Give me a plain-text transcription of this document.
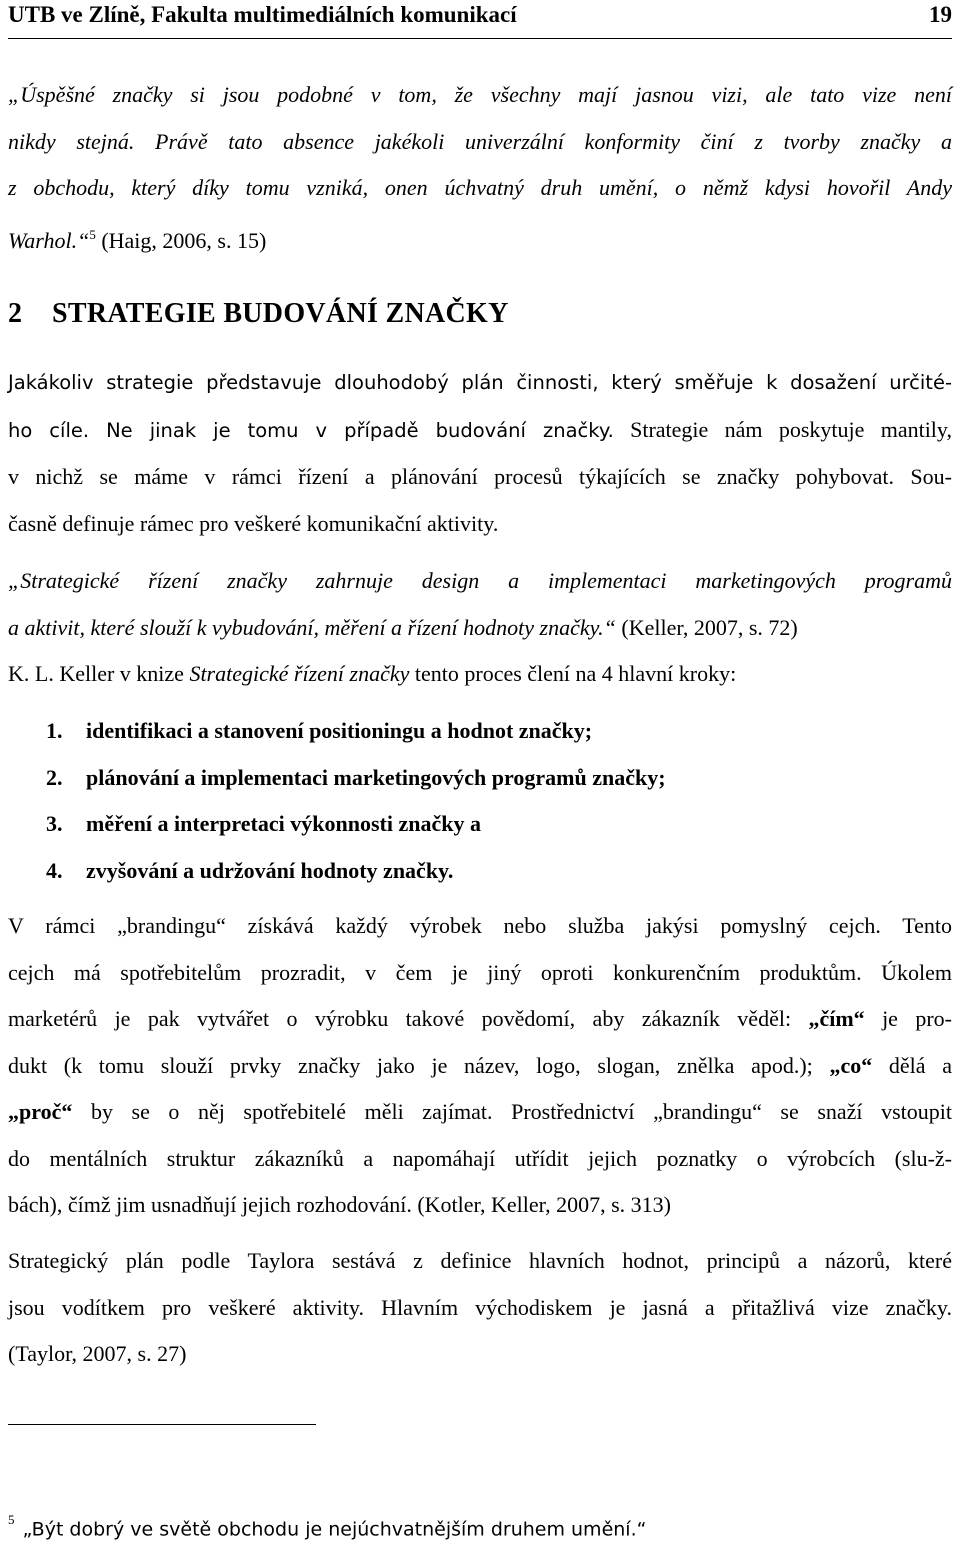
UTB ve Zlíně, Fakulta multimediálních komunikací	19
„Úspěšné značky si jsou podobné v tom, že všechny mají jasnou vizi, ale tato vize není
nikdy stejná. Právě tato absence jakékoli univerzální konformity činí z tvorby značky a
z obchodu, který díky tomu vzniká, onen úchvatný druh umění, o němž kdysi hovořil Andy
Warhol.“$^5$ (Haig, 2006, s. 15)
2 STRATEGIE BUDOVÁNÍ ZNAČKY
Jakákoliv strategie představuje dlouhodobý plán činnosti, který směřuje k dosažení určité-
ho cíle. Ne jinak je tomu v případě budování značky. Strategie nám poskytuje mantily,
v nichž se máme v rámci řízení a plánování procesů týkajících se značky pohybovat. Sou-
časně definuje rámec pro veškeré komunikační aktivity.
„Strategické řízení značky zahrnuje design a implementaci marketingových programů
a aktivit, které slouží k vybudování, měření a řízení hodnoty značky.“ (Keller, 2007, s. 72)
K. L. Keller v knize Strategické řízení značky tento proces člení na 4 hlavní kroky:
1. identifikaci a stanovení positioningu a hodnot značky;
2. plánování a implementaci marketingových programů značky;
3. měření a interpretaci výkonnosti značky a
4. zvyšování a udržování hodnoty značky.
V rámci „brandingu“ získává každý výrobek nebo služba jakýsi pomyslný cejch. Tento
cejch má spotřebitelům prozradit, v čem je jiný oproti konkurenčním produktům. Úkolem
marketérů je pak vytvářet o výrobku takové povědomí, aby zákazník věděl: „čím“ je pro-
dukt (k tomu slouží prvky značky jako je název, logo, slogan, znělka apod.); „co“ dělá a
„proč“ by se o něj spotřebitelé měli zajímat. Prostřednictví „brandingu“ se snaží vstoupit
do mentálních struktur zákazníků a napomáhají utřídit jejich poznatky o výrobcích (slu-ž-
bách), čímž jim usnadňují jejich rozhodování. (Kotler, Keller, 2007, s. 313)
Strategický plán podle Taylora sestává z definice hlavních hodnot, principů a názorů, které
jsou vodítkem pro veškeré aktivity. Hlavním východiskem je jasná a přitažlivá vize značky.
(Taylor, 2007, s. 27)
$^5$ „Být dobrý ve světě obchodu je nejúchvatnějším druhem umění.“
